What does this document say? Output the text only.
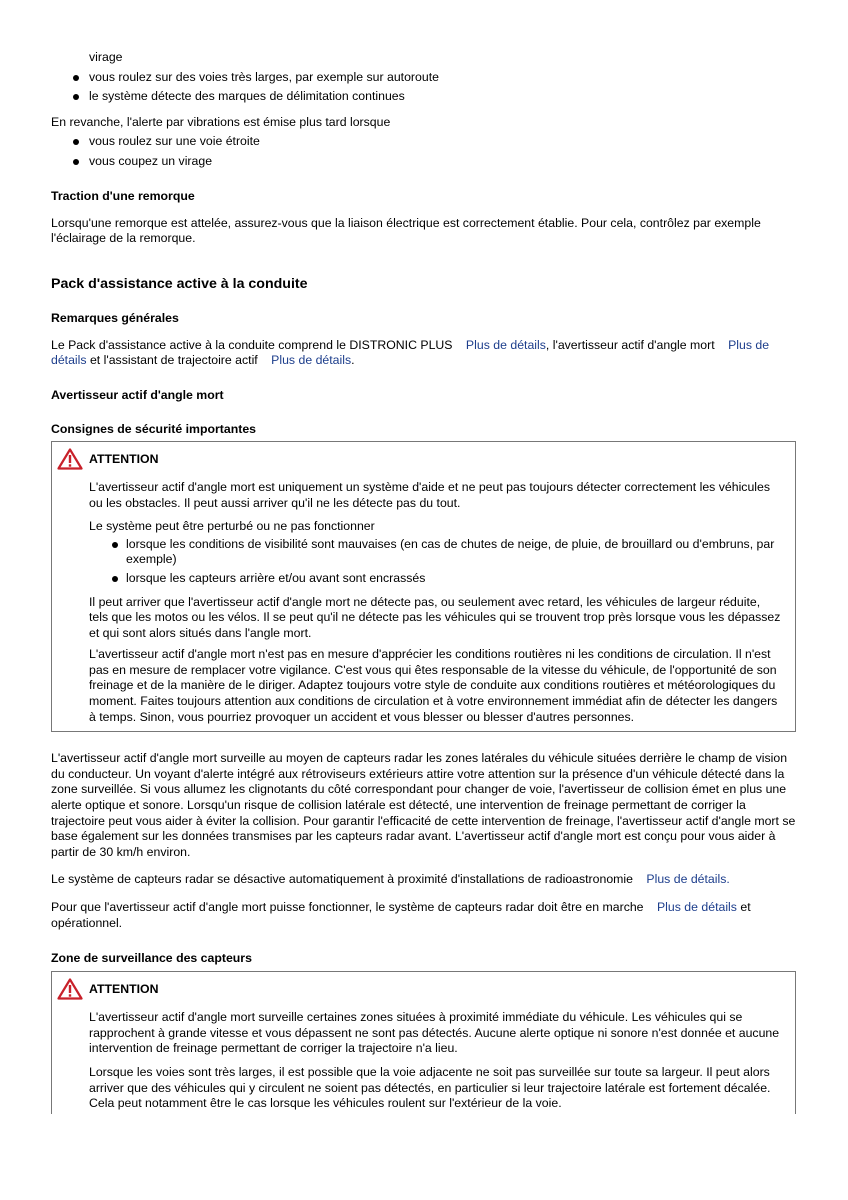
virage
vous roulez sur des voies très larges, par exemple sur autoroute
le système détecte des marques de délimitation continues

En revanche, l'alerte par vibrations est émise plus tard lorsque

vous roulez sur une voie étroite
vous coupez un virage
Traction d'une remorque

Lorsqu'une remorque est attelée, assurez-vous que la liaison électrique est correctement établie. Pour cela, contrôlez par exemple l'éclairage de la remorque.

Pack d'assistance active à la conduite
Remarques générales

Le Pack d'assistance active à la conduite comprend le DISTRONIC PLUS Plus de détails, l'avertisseur actif d'angle mort Plus de détails et l'assistant de trajectoire actif Plus de détails.

Avertisseur actif d'angle mort
Consignes de sécurité importantes
ATTENTION

L'avertisseur actif d'angle mort est uniquement un système d'aide et ne peut pas toujours détecter correctement les véhicules ou les obstacles. Il peut aussi arriver qu'il ne les détecte pas du tout.

Le système peut être perturbé ou ne pas fonctionner

lorsque les conditions de visibilité sont mauvaises (en cas de chutes de neige, de pluie, de brouillard ou d'embruns, par exemple)
lorsque les capteurs arrière et/ou avant sont encrassés

Il peut arriver que l'avertisseur actif d'angle mort ne détecte pas, ou seulement avec retard, les véhicules de largeur réduite, tels que les motos ou les vélos. Il se peut qu'il ne détecte pas les véhicules qui se trouvent trop près lorsque vous les dépassez et qui sont alors situés dans l'angle mort.

L'avertisseur actif d'angle mort n'est pas en mesure d'apprécier les conditions routières ni les conditions de circulation. Il n'est pas en mesure de remplacer votre vigilance. C'est vous qui êtes responsable de la vitesse du véhicule, de l'opportunité de son freinage et de la manière de le diriger. Adaptez toujours votre style de conduite aux conditions routières et météorologiques du moment. Faites toujours attention aux conditions de circulation et à votre environnement immédiat afin de détecter les dangers à temps. Sinon, vous pourriez provoquer un accident et vous blesser ou blesser d'autres personnes.

L'avertisseur actif d'angle mort surveille au moyen de capteurs radar les zones latérales du véhicule situées derrière le champ de vision du conducteur. Un voyant d'alerte intégré aux rétroviseurs extérieurs attire votre attention sur la présence d'un véhicule détecté dans la zone surveillée. Si vous allumez les clignotants du côté correspondant pour changer de voie, l'avertisseur de collision émet en plus une alerte optique et sonore. Lorsqu'un risque de collision latérale est détecté, une intervention de freinage permettant de corriger la trajectoire peut vous aider à éviter la collision. Pour garantir l'efficacité de cette intervention de freinage, l'avertisseur actif d'angle mort se base également sur les données transmises par les capteurs radar avant. L'avertisseur actif d'angle mort est conçu pour vous aider à partir de 30 km/h environ.

Le système de capteurs radar se désactive automatiquement à proximité d'installations de radioastronomie Plus de détails.

Pour que l'avertisseur actif d'angle mort puisse fonctionner, le système de capteurs radar doit être en marche Plus de détails et opérationnel.

Zone de surveillance des capteurs
ATTENTION

L'avertisseur actif d'angle mort surveille certaines zones situées à proximité immédiate du véhicule. Les véhicules qui se rapprochent à grande vitesse et vous dépassent ne sont pas détectés. Aucune alerte optique ni sonore n'est donnée et aucune intervention de freinage permettant de corriger la trajectoire n'a lieu.

Lorsque les voies sont très larges, il est possible que la voie adjacente ne soit pas surveillée sur toute sa largeur. Il peut alors arriver que des véhicules qui y circulent ne soient pas détectés, en particulier si leur trajectoire latérale est fortement décalée. Cela peut notamment être le cas lorsque les véhicules roulent sur l'extérieur de la voie.
